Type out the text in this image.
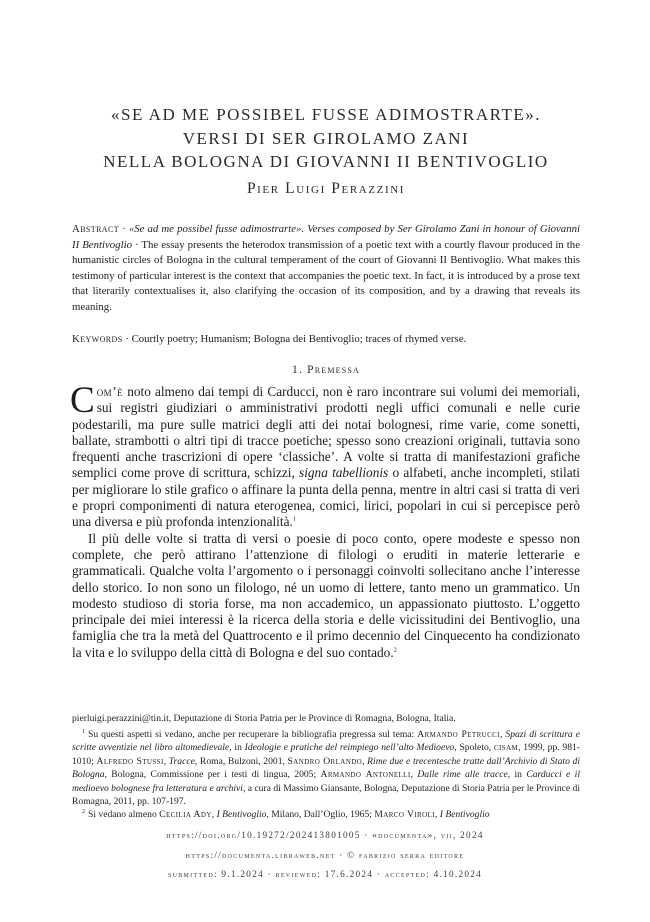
«SE AD ME POSSIBEL FUSSE ADIMOSTRARTE».
VERSI DI SER GIROLAMO ZANI
NELLA BOLOGNA DI GIOVANNI II BENTIVOGLIO

Pier Luigi Perazzini

Abstract · «Se ad me possibel fusse adimostrarte». Verses composed by Ser Girolamo Zani in honour of Giovanni II Bentivoglio · The essay presents the heterodox transmission of a poetic text with a courtly flavour produced in the humanistic circles of Bologna in the cultural temperament of the court of Giovanni II Bentivoglio. What makes this testimony of particular interest is the context that accompanies the poetic text. In fact, it is introduced by a prose text that literarily contextualises it, also clarifying the occasion of its composition, and by a drawing that reveals its meaning.

Keywords · Courtly poetry; Humanism; Bologna dei Bentivoglio; traces of rhymed verse.

1. Premessa

Com’è noto almeno dai tempi di Carducci, non è raro incontrare sui volumi dei memoriali, sui registri giudiziari o amministrativi prodotti negli uffici comunali e nelle curie podestarili, ma pure sulle matrici degli atti dei notai bolognesi, rime varie, come sonetti, ballate, strambotti o altri tipi di tracce poetiche; spesso sono creazioni originali, tuttavia sono frequenti anche trascrizioni di opere ‘classiche’. A volte si tratta di manifestazioni grafiche semplici come prove di scrittura, schizzi, signa tabellionis o alfabeti, anche incompleti, stilati per migliorare lo stile grafico o affinare la punta della penna, mentre in altri casi si tratta di veri e propri componimenti di natura eterogenea, comici, lirici, popolari in cui si percepisce però una diversa e più profonda intenzionalità.$^1$

Il più delle volte si tratta di versi o poesie di poco conto, opere modeste e spesso non complete, che però attirano l’attenzione di filologi o eruditi in materie letterarie e grammaticali. Qualche volta l’argomento o i personaggi coinvolti sollecitano anche l’interesse dello storico. Io non sono un filologo, né un uomo di lettere, tanto meno un grammatico. Un modesto studioso di storia forse, ma non accademico, un appassionato piuttosto. L’oggetto principale dei miei interessi è la ricerca della storia e delle vicissitudini dei Bentivoglio, una famiglia che tra la metà del Quattrocento e il primo decennio del Cinquecento ha condizionato la vita e lo sviluppo della città di Bologna e del suo contado.$^2$

pierluigi.perazzini@tin.it, Deputazione di Storia Patria per le Province di Romagna, Bologna, Italia.

$^1$ Su questi aspetti si vedano, anche per recuperare la bibliografia pregressa sul tema: Armando Petrucci, Spazi di scrittura e scritte avventizie nel libro altomedievale, in Ideologie e pratiche del reimpiego nell’alto Medioevo, Spoleto, cisam, 1999, pp. 981-1010; Alfredo Stussi, Tracce, Roma, Bulzoni, 2001, Sandro Orlando, Rime due e trecentesche tratte dall’Archivio di Stato di Bologna, Bologna, Commissione per i testi di lingua, 2005; Armando Antonelli, Dalle rime alle tracce, in Carducci e il medioevo bolognese fra letteratura e archivi, a cura di Massimo Giansante, Bologna, Deputazione di Storia Patria per le Province di Romagna, 2011, pp. 107-197.

$^2$ Si vedano almeno Cecilia Ady, I Bentivoglio, Milano, Dall’Oglio, 1965; Marco Viroli, I Bentivoglio

https://doi.org/10.19272/202413801005 · «documenta», vii, 2024

https://documenta.libraweb.net · © fabrizio serra editore

submitted: 9.1.2024 · reviewed: 17.6.2024 · accepted: 4.10.2024
